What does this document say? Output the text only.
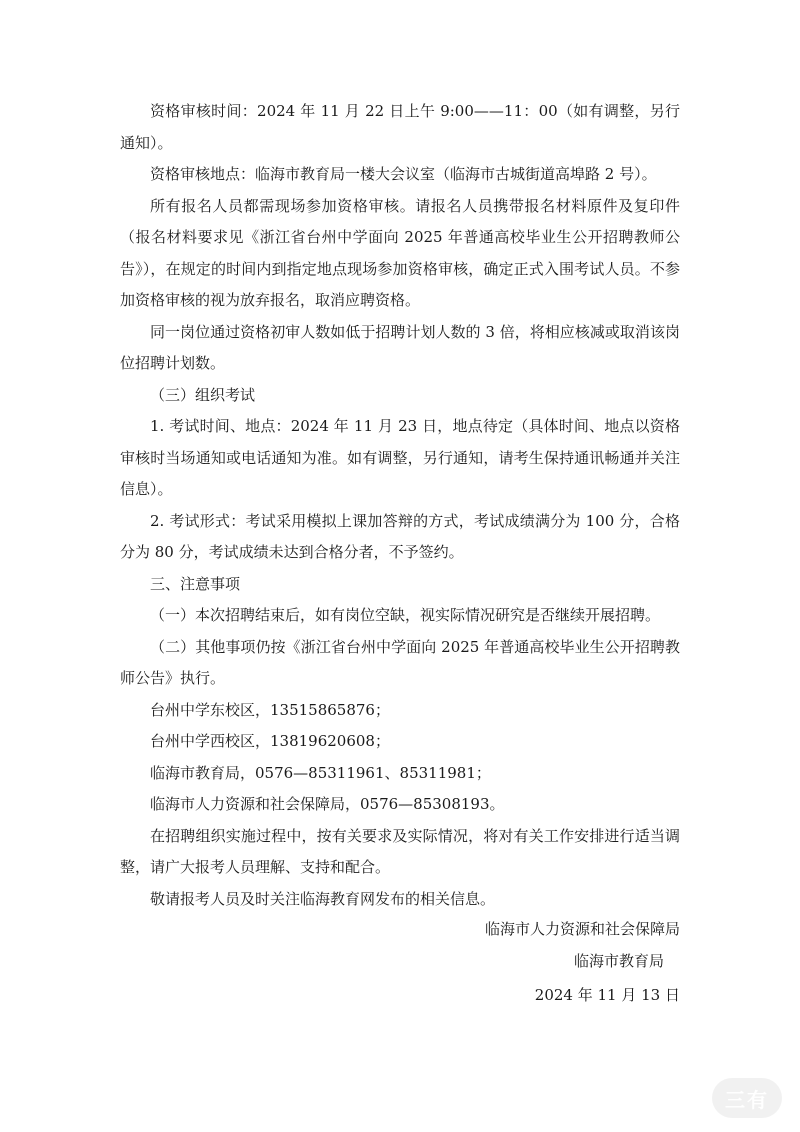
资格审核时间：2024 年 11 月 22 日上午 9:00——11：00（如有调整，另行通知）。

资格审核地点：临海市教育局一楼大会议室（临海市古城街道高埠路 2 号）。

所有报名人员都需现场参加资格审核。请报名人员携带报名材料原件及复印件（报名材料要求见《浙江省台州中学面向 2025 年普通高校毕业生公开招聘教师公告》），在规定的时间内到指定地点现场参加资格审核，确定正式入围考试人员。不参加资格审核的视为放弃报名，取消应聘资格。

同一岗位通过资格初审人数如低于招聘计划人数的 3 倍，将相应核减或取消该岗位招聘计划数。

（三）组织考试

1. 考试时间、地点：2024 年 11 月 23 日，地点待定（具体时间、地点以资格审核时当场通知或电话通知为准。如有调整，另行通知，请考生保持通讯畅通并关注信息）。

2. 考试形式：考试采用模拟上课加答辩的方式，考试成绩满分为 100 分，合格分为 80 分，考试成绩未达到合格分者，不予签约。

三、注意事项

（一）本次招聘结束后，如有岗位空缺，视实际情况研究是否继续开展招聘。

（二）其他事项仍按《浙江省台州中学面向 2025 年普通高校毕业生公开招聘教师公告》执行。

台州中学东校区，13515865876；

台州中学西校区，13819620608；

临海市教育局，0576—85311961、85311981；

临海市人力资源和社会保障局，0576—85308193。

在招聘组织实施过程中，按有关要求及实际情况，将对有关工作安排进行适当调整，请广大报考人员理解、支持和配合。

敬请报考人员及时关注临海教育网发布的相关信息。

临海市人力资源和社会保障局

临海市教育局

2024 年 11 月 13 日

三有
